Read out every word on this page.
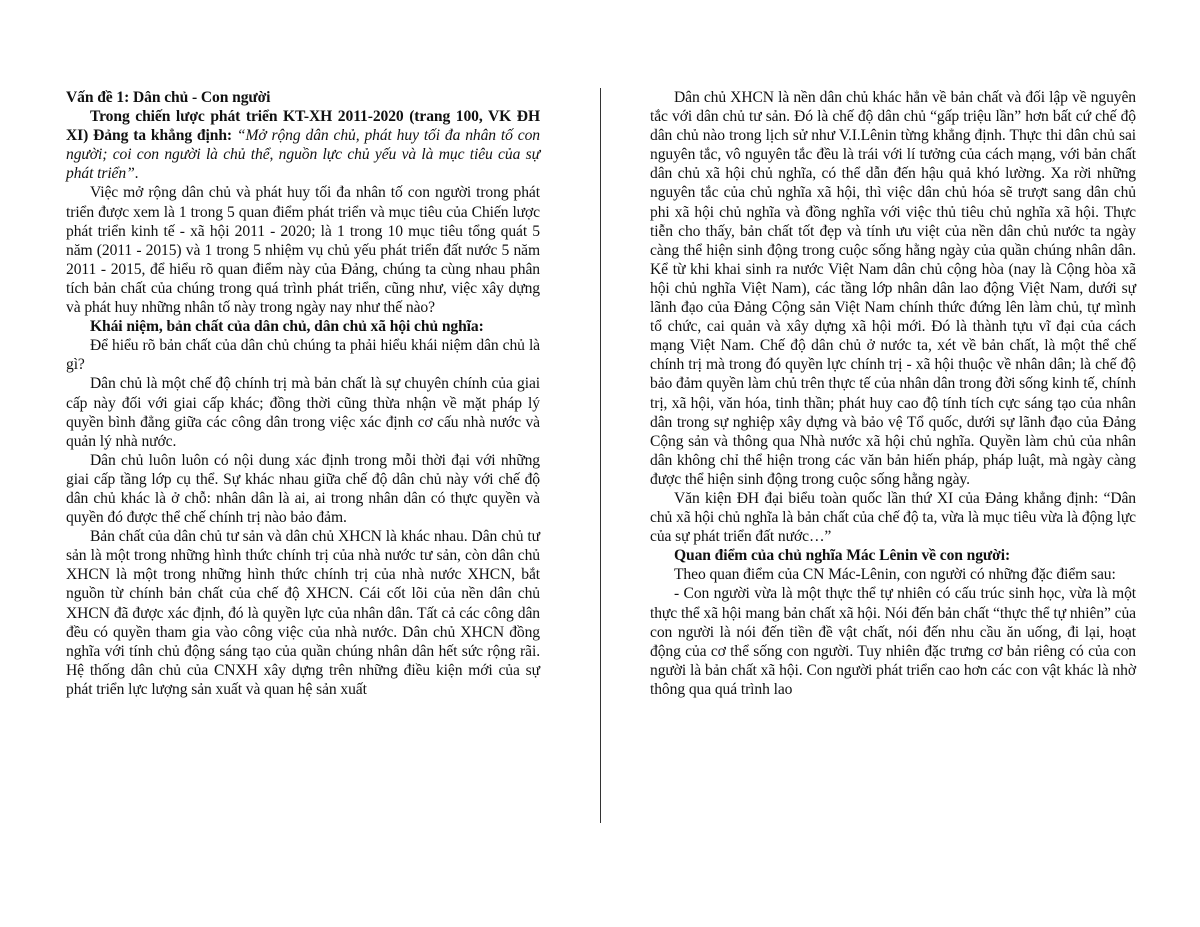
Vấn đề 1: Dân chủ - Con người

Trong chiến lược phát triển KT-XH 2011-2020 (trang 100, VK ĐH XI) Đảng ta khẳng định: “Mở rộng dân chủ, phát huy tối đa nhân tố con người; coi con người là chủ thể, nguồn lực chủ yếu và là mục tiêu của sự phát triển”.

Việc mở rộng dân chủ và phát huy tối đa nhân tố con người trong phát triển được xem là 1 trong 5 quan điểm phát triển và mục tiêu của Chiến lược phát triển kinh tế - xã hội 2011 - 2020; là 1 trong 10 mục tiêu tổng quát 5 năm (2011 - 2015) và 1 trong 5 nhiệm vụ chủ yếu phát triển đất nước 5 năm 2011 - 2015, để hiểu rõ quan điểm này của Đảng, chúng ta cùng nhau phân tích bản chất của chúng trong quá trình phát triển, cũng như, việc xây dựng và phát huy những nhân tố này trong ngày nay như thế nào?

Khái niệm, bản chất của dân chủ, dân chủ xã hội chủ nghĩa:

Để hiểu rõ bản chất của dân chủ chúng ta phải hiểu khái niệm dân chủ là gì?

Dân chủ là một chế độ chính trị mà bản chất là sự chuyên chính của giai cấp này đối với giai cấp khác; đồng thời cũng thừa nhận về mặt pháp lý quyền bình đẳng giữa các công dân trong việc xác định cơ cấu nhà nước và quản lý nhà nước.

Dân chủ luôn luôn có nội dung xác định trong mỗi thời đại với những giai cấp tầng lớp cụ thể. Sự khác nhau giữa chế độ dân chủ này với chế độ dân chủ khác là ở chỗ: nhân dân là ai, ai trong nhân dân có thực quyền và quyền đó được thể chế chính trị nào bảo đảm.

Bản chất của dân chủ tư sản và dân chủ XHCN là khác nhau. Dân chủ tư sản là một trong những hình thức chính trị của nhà nước tư sản, còn dân chủ XHCN là một trong những hình thức chính trị của nhà nước XHCN, bắt nguồn từ chính bản chất của chế độ XHCN. Cái cốt lõi của nền dân chủ XHCN đã được xác định, đó là quyền lực của nhân dân. Tất cả các công dân đều có quyền tham gia vào công việc của nhà nước. Dân chủ XHCN đồng nghĩa với tính chủ động sáng tạo của quần chúng nhân dân hết sức rộng rãi. Hệ thống dân chủ của CNXH xây dựng trên những điều kiện mới của sự phát triển lực lượng sản xuất và quan hệ sản xuất

Dân chủ XHCN là nền dân chủ khác hẳn về bản chất và đối lập về nguyên tắc với dân chủ tư sản. Đó là chế độ dân chủ “gấp triệu lần” hơn bất cứ chế độ dân chủ nào trong lịch sử như V.I.Lênin từng khẳng định. Thực thi dân chủ sai nguyên tắc, vô nguyên tắc đều là trái với lí tưởng của cách mạng, với bản chất dân chủ xã hội chủ nghĩa, có thể dẫn đến hậu quả khó lường. Xa rời những nguyên tắc của chủ nghĩa xã hội, thì việc dân chủ hóa sẽ trượt sang dân chủ phi xã hội chủ nghĩa và đồng nghĩa với việc thủ tiêu chủ nghĩa xã hội. Thực tiễn cho thấy, bản chất tốt đẹp và tính ưu việt của nền dân chủ nước ta ngày càng thể hiện sinh động trong cuộc sống hằng ngày của quần chúng nhân dân. Kể từ khi khai sinh ra nước Việt Nam dân chủ cộng hòa (nay là Cộng hòa xã hội chủ nghĩa Việt Nam), các tầng lớp nhân dân lao động Việt Nam, dưới sự lãnh đạo của Đảng Cộng sản Việt Nam chính thức đứng lên làm chủ, tự mình tổ chức, cai quản và xây dựng xã hội mới. Đó là thành tựu vĩ đại của cách mạng Việt Nam. Chế độ dân chủ ở nước ta, xét về bản chất, là một thể chế chính trị mà trong đó quyền lực chính trị - xã hội thuộc về nhân dân; là chế độ bảo đảm quyền làm chủ trên thực tế của nhân dân trong đời sống kinh tế, chính trị, xã hội, văn hóa, tinh thần; phát huy cao độ tính tích cực sáng tạo của nhân dân trong sự nghiệp xây dựng và bảo vệ Tổ quốc, dưới sự lãnh đạo của Đảng Cộng sản và thông qua Nhà nước xã hội chủ nghĩa. Quyền làm chủ của nhân dân không chỉ thể hiện trong các văn bản hiến pháp, pháp luật, mà ngày càng được thể hiện sinh động trong cuộc sống hằng ngày.

Văn kiện ĐH đại biểu toàn quốc lần thứ XI của Đảng khẳng định: “Dân chủ xã hội chủ nghĩa là bản chất của chế độ ta, vừa là mục tiêu vừa là động lực của sự phát triển đất nước…”

Quan điểm của chủ nghĩa Mác Lênin về con người:

Theo quan điểm của CN Mác-Lênin, con người có những đặc điểm sau:

- Con người vừa là một thực thể tự nhiên có cấu trúc sinh học, vừa là một thực thể xã hội mang bản chất xã hội. Nói đến bản chất “thực thể tự nhiên” của con người là nói đến tiền đề vật chất, nói đến nhu cầu ăn uống, đi lại, hoạt động của cơ thể sống con người. Tuy nhiên đặc trưng cơ bản riêng có của con người là bản chất xã hội. Con người phát triển cao hơn các con vật khác là nhờ thông qua quá trình lao
